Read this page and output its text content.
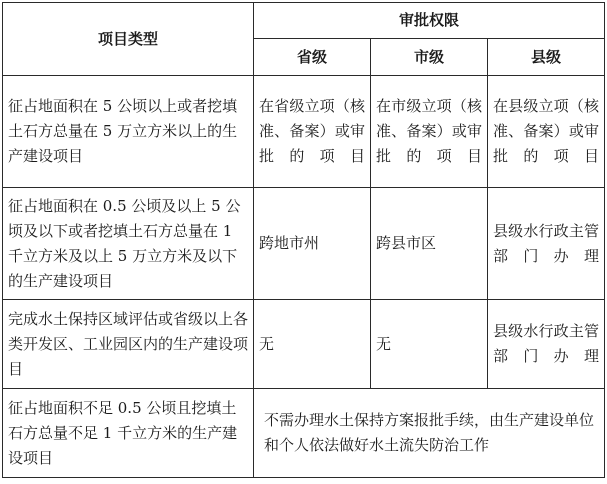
项目类型	审批权限		
	省级	市级	县级
征占地面积在 5 公顷以上或者挖填土石方总量在 5 万立方米以上的生产建设项目	在省级立项（核准、备案）或审批的项目	在市级立项（核准、备案）或审批的项目	在县级立项（核准、备案）或审批的项目
征占地面积在 0.5 公顷及以上 5 公顷及以下或者挖填土石方总量在 1 千立方米及以上 5 万立方米及以下的生产建设项目	跨地市州	跨县市区	县级水行政主管部门办理
完成水土保持区域评估或省级以上各类开发区、工业园区内的生产建设项目	无	无	县级水行政主管部门办理
征占地面积不足 0.5 公顷且挖填土石方总量不足 1 千立方米的生产建设项目	不需办理水土保持方案报批手续，由生产建设单位和个人依法做好水土流失防治工作		
